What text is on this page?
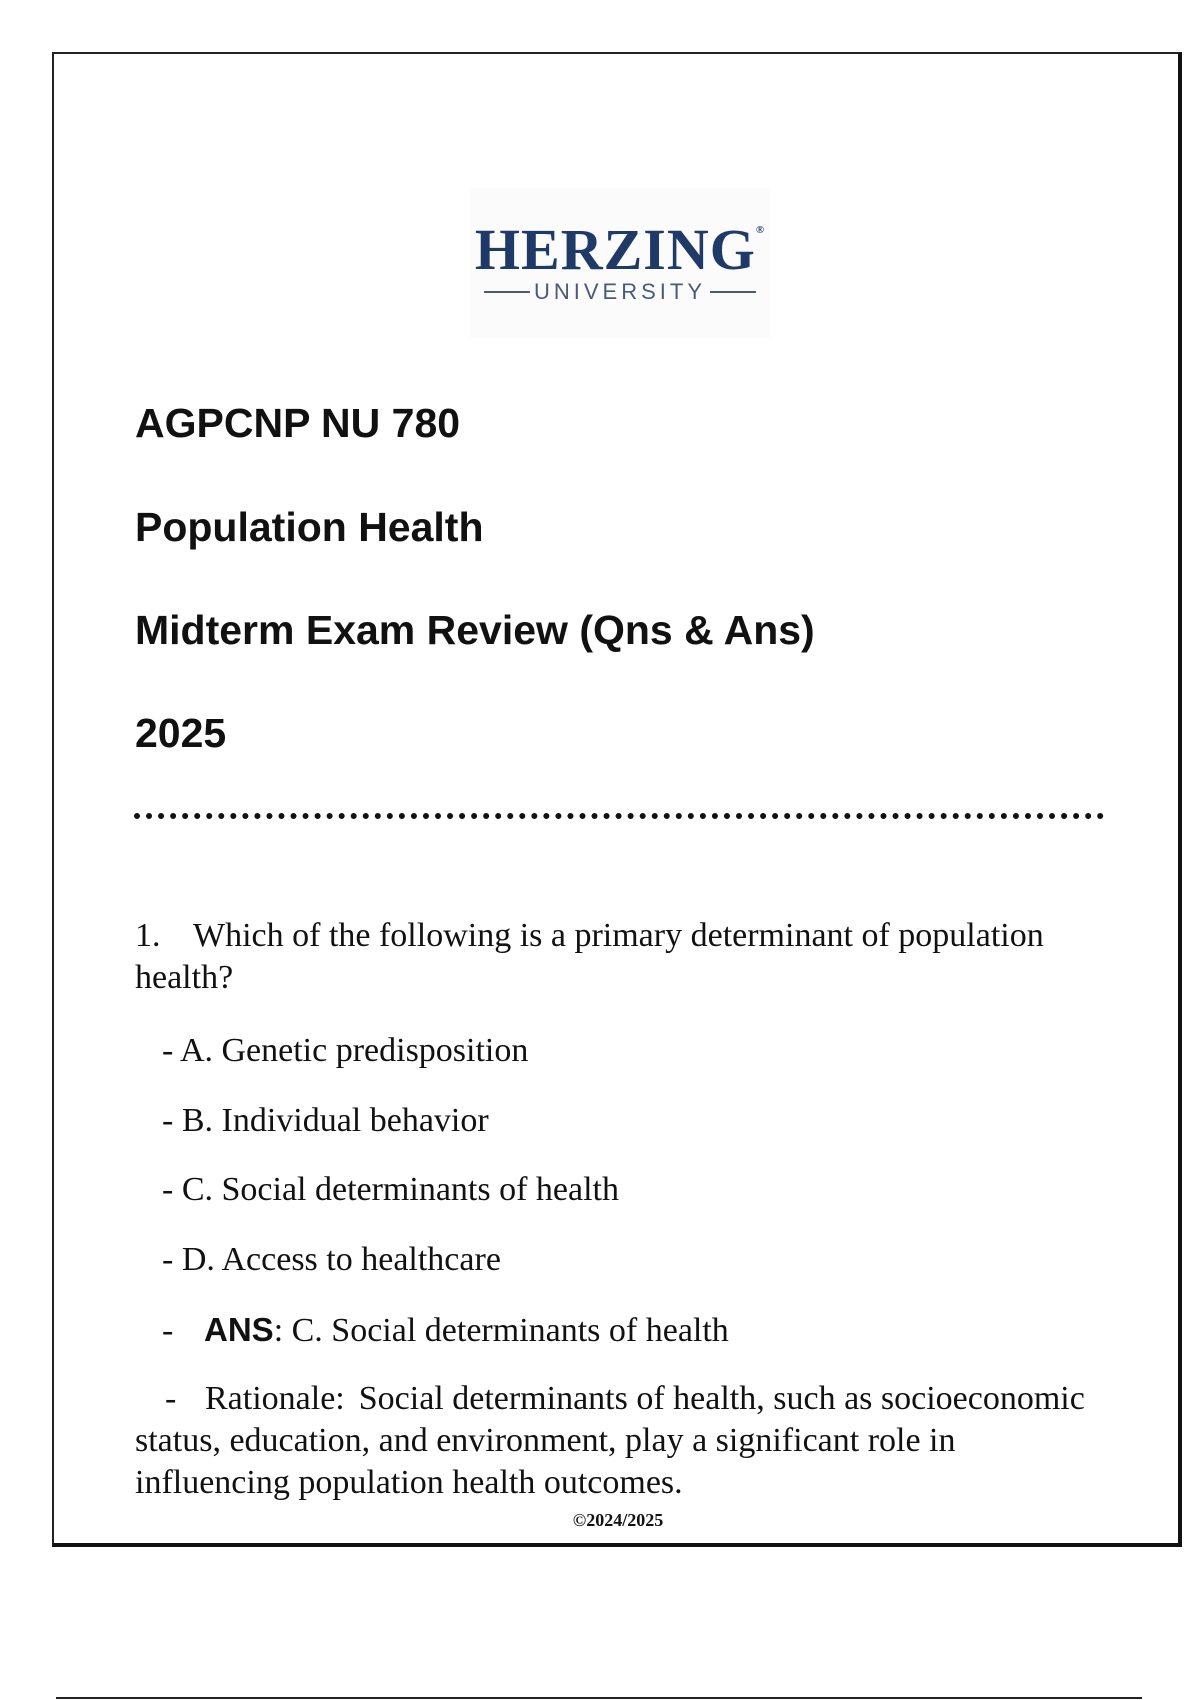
HERZING®
UNIVERSITY
AGPCNP NU 780
Population Health
Midterm Exam Review (Qns & Ans)
2025
1. Which of the following is a primary determinant of population health?
- A. Genetic predisposition
- B. Individual behavior
- C. Social determinants of health
- D. Access to healthcare
- ANS: C. Social determinants of health
- Rationale: Social determinants of health, such as socioeconomic status, education, and environment, play a significant role in influencing population health outcomes.
©2024/2025
